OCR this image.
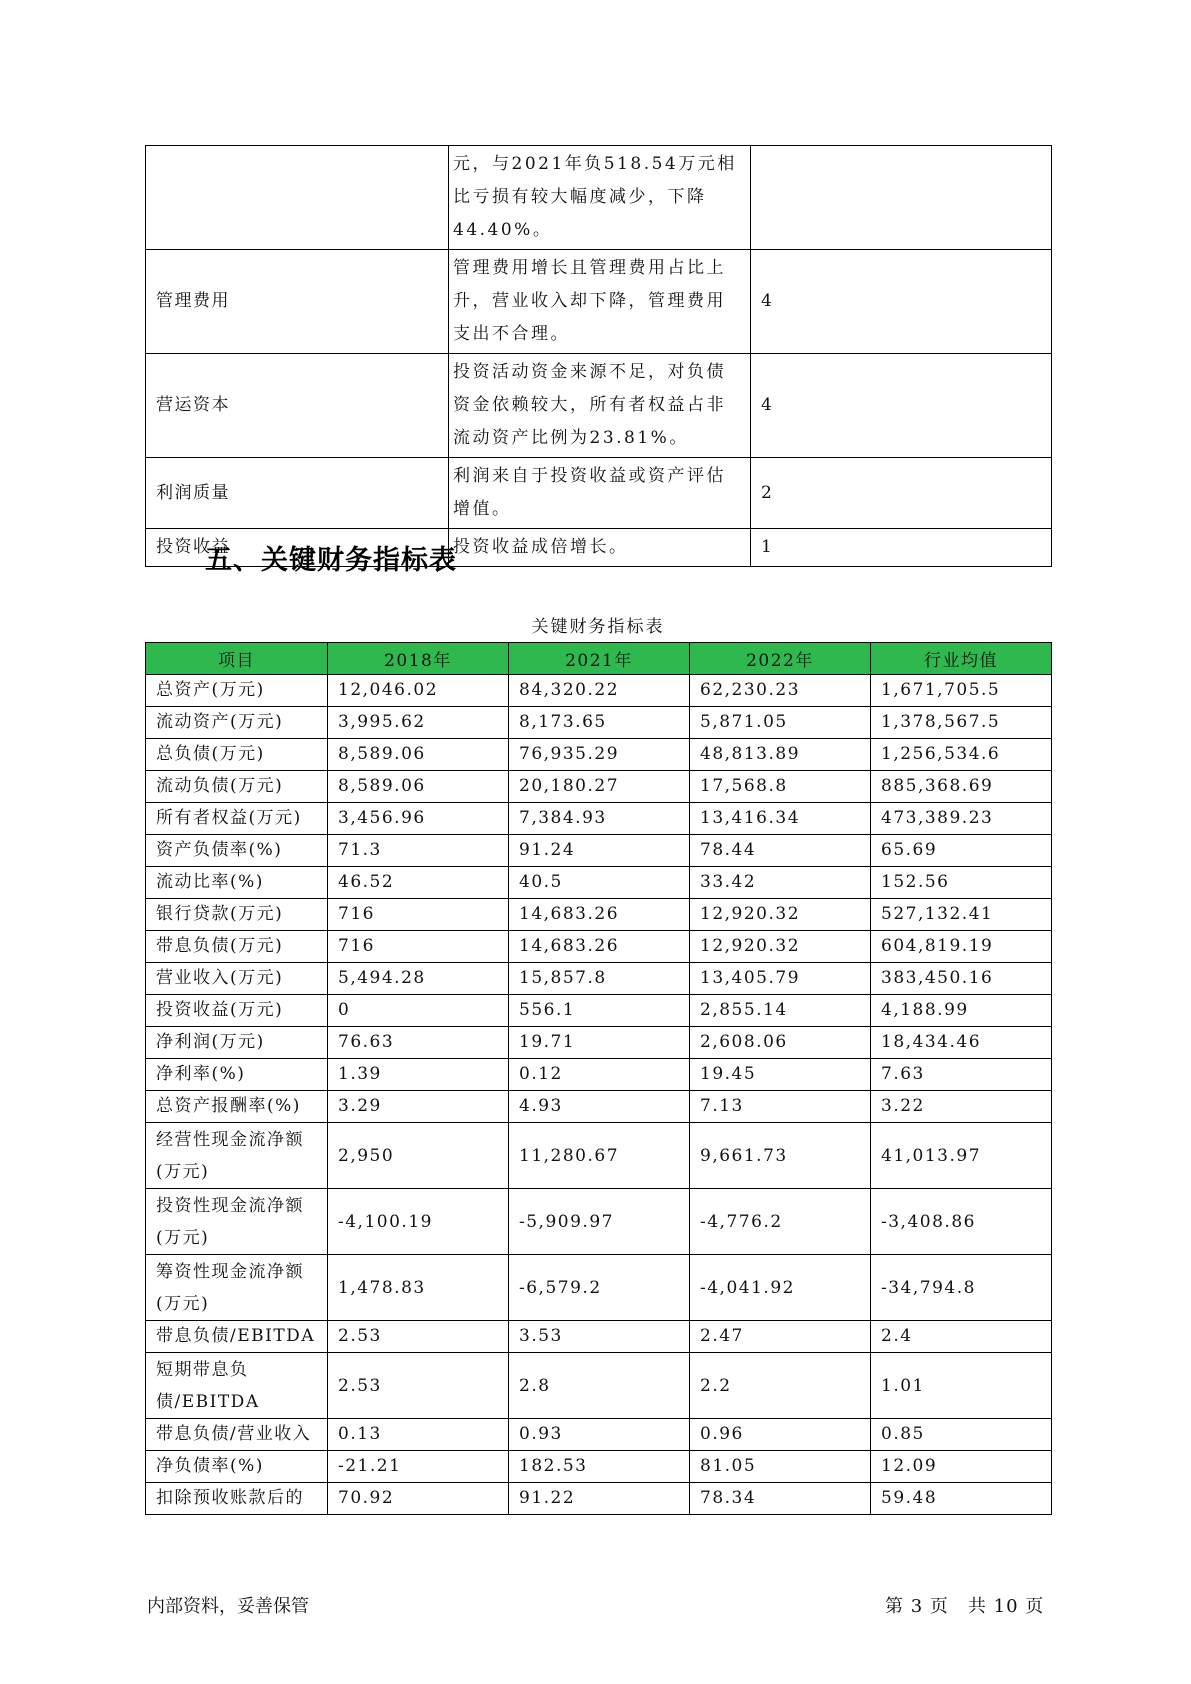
	元，与2021年负518.54万元相比亏损有较大幅度减少，下降44.40%。	
管理费用	管理费用增长且管理费用占比上升，营业收入却下降，管理费用支出不合理。	4
营运资本	投资活动资金来源不足，对负债资金依赖较大，所有者权益占非流动资产比例为23.81%。	4
利润质量	利润来自于投资收益或资产评估增值。	2
投资收益	投资收益成倍增长。	1
五、关键财务指标表
关键财务指标表
项目	2018年	2021年	2022年	行业均值
总资产(万元)	12,046.02	84,320.22	62,230.23	1,671,705.5
流动资产(万元)	3,995.62	8,173.65	5,871.05	1,378,567.5
总负债(万元)	8,589.06	76,935.29	48,813.89	1,256,534.6
流动负债(万元)	8,589.06	20,180.27	17,568.8	885,368.69
所有者权益(万元)	3,456.96	7,384.93	13,416.34	473,389.23
资产负债率(%)	71.3	91.24	78.44	65.69
流动比率(%)	46.52	40.5	33.42	152.56
银行贷款(万元)	716	14,683.26	12,920.32	527,132.41
带息负债(万元)	716	14,683.26	12,920.32	604,819.19
营业收入(万元)	5,494.28	15,857.8	13,405.79	383,450.16
投资收益(万元)	0	556.1	2,855.14	4,188.99
净利润(万元)	76.63	19.71	2,608.06	18,434.46
净利率(%)	1.39	0.12	19.45	7.63
总资产报酬率(%)	3.29	4.93	7.13	3.22
经营性现金流净额(万元)	2,950	11,280.67	9,661.73	41,013.97
投资性现金流净额(万元)	-4,100.19	-5,909.97	-4,776.2	-3,408.86
筹资性现金流净额(万元)	1,478.83	-6,579.2	-4,041.92	-34,794.8
带息负债/EBITDA	2.53	3.53	2.47	2.4
短期带息负债/EBITDA	2.53	2.8	2.2	1.01
带息负债/营业收入	0.13	0.93	0.96	0.85
净负债率(%)	-21.21	182.53	81.05	12.09
扣除预收账款后的	70.92	91.22	78.34	59.48
内部资料，妥善保管	第 3 页　共 10 页
